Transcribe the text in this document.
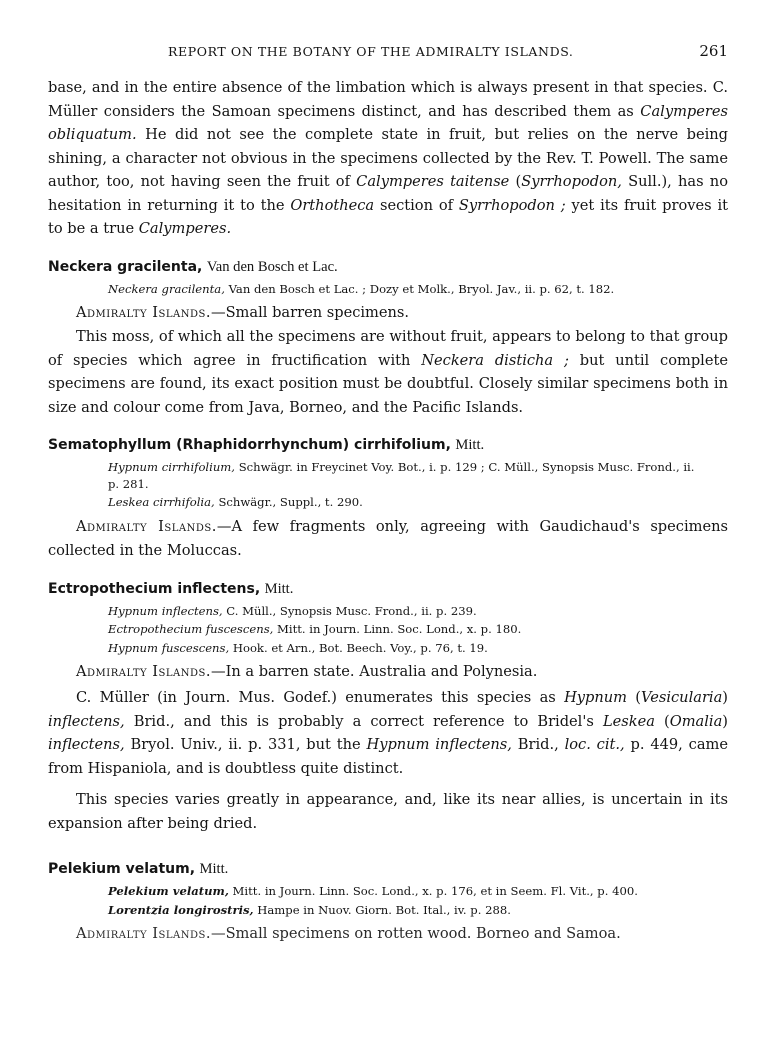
REPORT ON THE BOTANY OF THE ADMIRALTY ISLANDS.	261

base, and in the entire absence of the limbation which is always present in that species. C. Müller considers the Samoan specimens distinct, and has described them as Calymperes obliquatum. He did not see the complete state in fruit, but relies on the nerve being shining, a character not obvious in the specimens collected by the Rev. T. Powell. The same author, too, not having seen the fruit of Calymperes taitense (Syrrhopodon, Sull.), has no hesitation in returning it to the Orthotheca section of Syrrhopodon ; yet its fruit proves it to be a true Calymperes.

Neckera gracilenta, Van den Bosch et Lac.

Neckera gracilenta, Van den Bosch et Lac. ; Dozy et Molk., Bryol. Jav., ii. p. 62, t. 182.

Admiralty Islands.—Small barren specimens.

This moss, of which all the specimens are without fruit, appears to belong to that group of species which agree in fructification with Neckera disticha ; but until complete specimens are found, its exact position must be doubtful. Closely similar specimens both in size and colour come from Java, Borneo, and the Pacific Islands.

Sematophyllum (Rhaphidorrhynchum) cirrhifolium, Mitt.

Hypnum cirrhifolium, Schwägr. in Freycinet Voy. Bot., i. p. 129 ; C. Müll., Synopsis Musc. Frond., ii. p. 281.

Leskea cirrhifolia, Schwägr., Suppl., t. 290.

Admiralty Islands.—A few fragments only, agreeing with Gaudichaud's specimens collected in the Moluccas.

Ectropothecium inflectens, Mitt.

Hypnum inflectens, C. Müll., Synopsis Musc. Frond., ii. p. 239.

Ectropothecium fuscescens, Mitt. in Journ. Linn. Soc. Lond., x. p. 180.

Hypnum fuscescens, Hook. et Arn., Bot. Beech. Voy., p. 76, t. 19.

Admiralty Islands.—In a barren state. Australia and Polynesia.

C. Müller (in Journ. Mus. Godef.) enumerates this species as Hypnum (Vesicularia) inflectens, Brid., and this is probably a correct reference to Bridel's Leskea (Omalia) inflectens, Bryol. Univ., ii. p. 331, but the Hypnum inflectens, Brid., loc. cit., p. 449, came from Hispaniola, and is doubtless quite distinct.

This species varies greatly in appearance, and, like its near allies, is uncertain in its expansion after being dried.

Pelekium velatum, Mitt.

Pelekium velatum, Mitt. in Journ. Linn. Soc. Lond., x. p. 176, et in Seem. Fl. Vit., p. 400.

Lorentzia longirostris, Hampe in Nuov. Giorn. Bot. Ital., iv. p. 288.

Admiralty Islands.—Small specimens on rotten wood. Borneo and Samoa.
